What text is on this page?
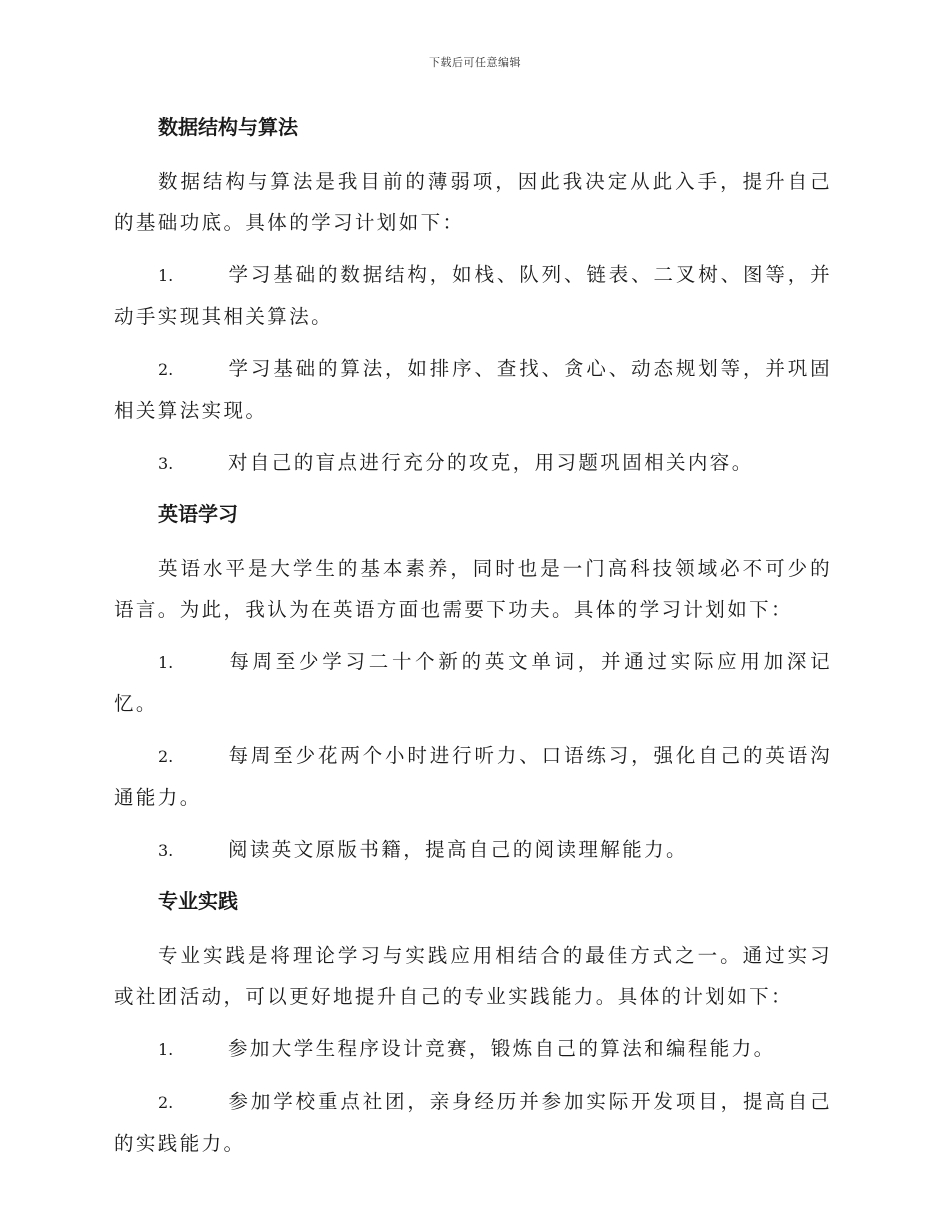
下载后可任意编辑
数据结构与算法
数据结构与算法是我目前的薄弱项，因此我决定从此入手，提升自己的基础功底。具体的学习计划如下：
1.	学习基础的数据结构，如栈、队列、链表、二叉树、图等，并动手实现其相关算法。
2.	学习基础的算法，如排序、查找、贪心、动态规划等，并巩固相关算法实现。
3.	对自己的盲点进行充分的攻克，用习题巩固相关内容。
英语学习
英语水平是大学生的基本素养，同时也是一门高科技领域必不可少的语言。为此，我认为在英语方面也需要下功夫。具体的学习计划如下：
1.	每周至少学习二十个新的英文单词，并通过实际应用加深记忆。
2.	每周至少花两个小时进行听力、口语练习，强化自己的英语沟通能力。
3.	阅读英文原版书籍，提高自己的阅读理解能力。
专业实践
专业实践是将理论学习与实践应用相结合的最佳方式之一。通过实习或社团活动，可以更好地提升自己的专业实践能力。具体的计划如下：
1.	参加大学生程序设计竞赛，锻炼自己的算法和编程能力。
2.	参加学校重点社团，亲身经历并参加实际开发项目，提高自己的实践能力。
